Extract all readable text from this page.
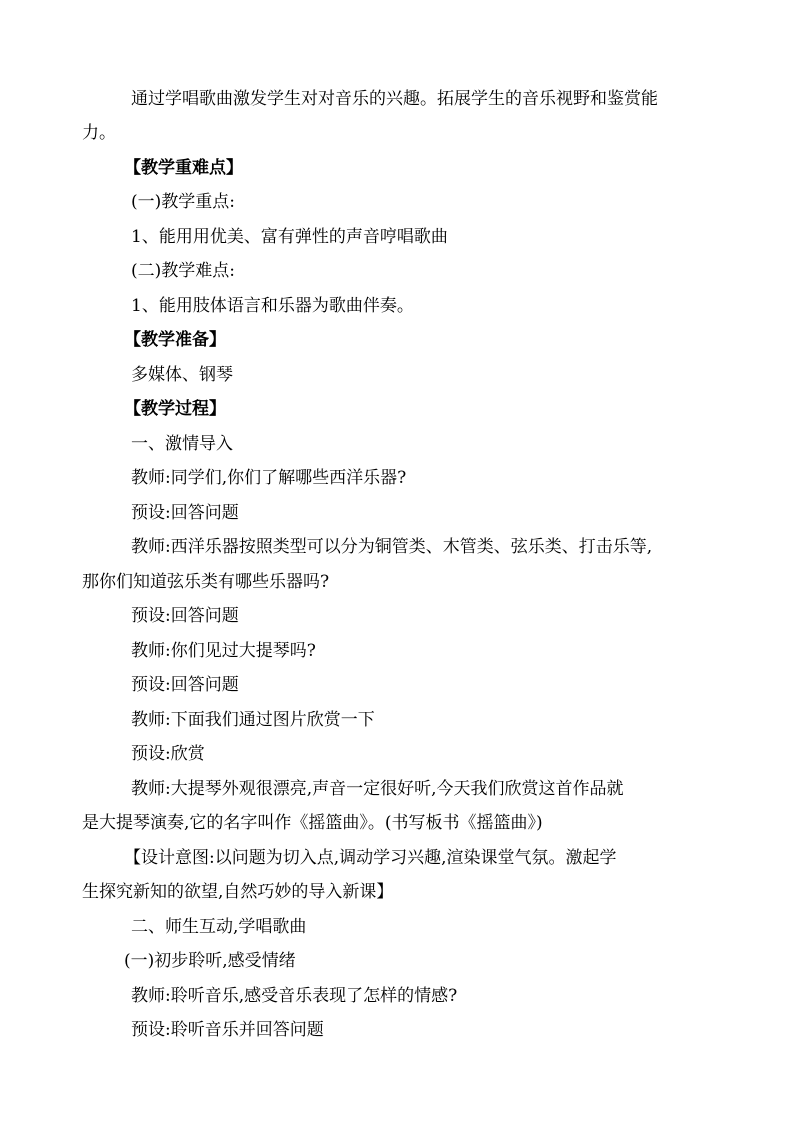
通过学唱歌曲激发学生对对音乐的兴趣。拓展学生的音乐视野和鉴赏能
力。
【教学重难点】
(一)教学重点:
1、能用用优美、富有弹性的声音哼唱歌曲
(二)教学难点:
1、能用肢体语言和乐器为歌曲伴奏。
【教学准备】
多媒体、钢琴
【教学过程】
一、激情导入
教师:同学们,你们了解哪些西洋乐器?
预设:回答问题
教师:西洋乐器按照类型可以分为铜管类、木管类、弦乐类、打击乐等,
那你们知道弦乐类有哪些乐器吗?
预设:回答问题
教师:你们见过大提琴吗?
预设:回答问题
教师:下面我们通过图片欣赏一下
预设:欣赏
教师:大提琴外观很漂亮,声音一定很好听,今天我们欣赏这首作品就
是大提琴演奏,它的名字叫作《摇篮曲》。(书写板书《摇篮曲》)
【设计意图:以问题为切入点,调动学习兴趣,渲染课堂气氛。激起学
生探究新知的欲望,自然巧妙的导入新课】
二、师生互动,学唱歌曲
(一)初步聆听,感受情绪
教师:聆听音乐,感受音乐表现了怎样的情感?
预设:聆听音乐并回答问题
